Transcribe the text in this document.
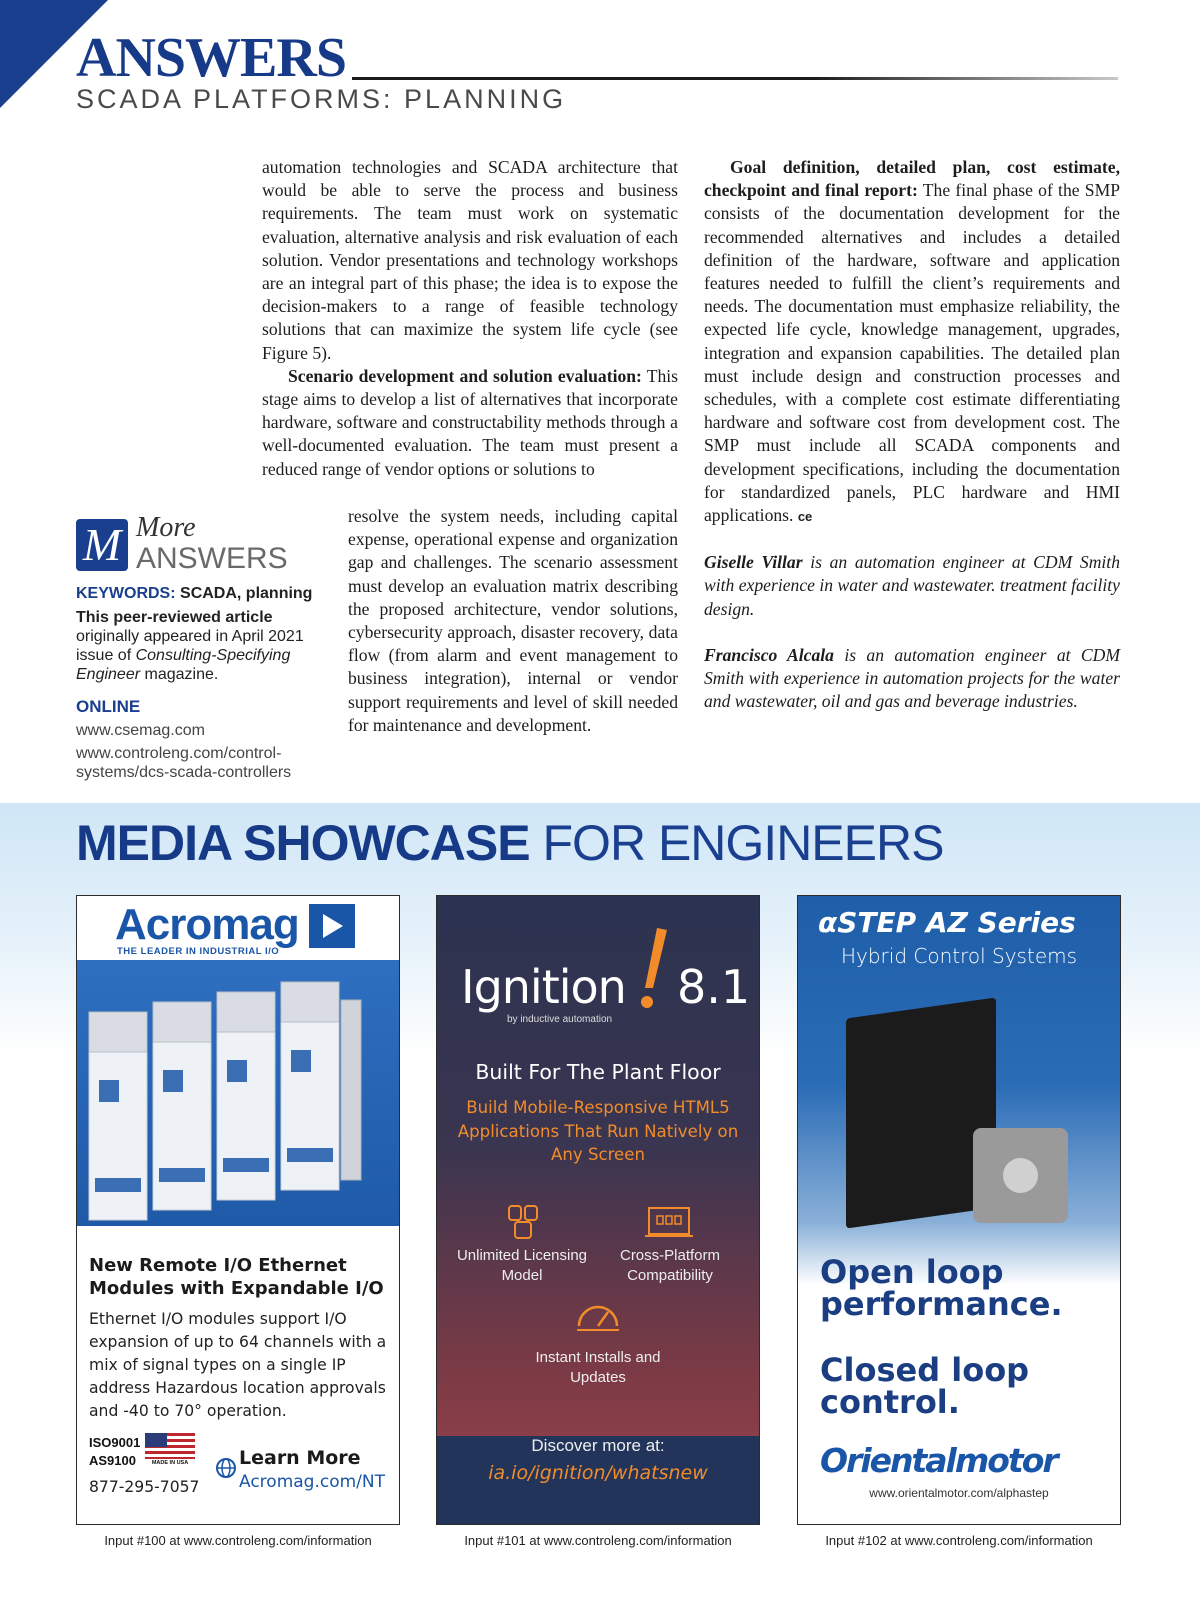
ANSWERS
SCADA PLATFORMS: PLANNING

automation technologies and SCADA architecture that would be able to serve the process and business requirements. The team must work on systematic evaluation, alternative analysis and risk evaluation of each solution. Vendor presentations and technology workshops are an integral part of this phase; the idea is to expose the decision-makers to a range of feasible technology solutions that can maximize the system life cycle (see Figure 5).

Scenario development and solution evaluation: This stage aims to develop a list of alternatives that incorporate hardware, software and constructability methods through a well-documented evaluation. The team must present a reduced range of vendor options or solutions to

resolve the system needs, including capital expense, operational expense and organization gap and challenges. The scenario assessment must develop an evaluation matrix describing the proposed architecture, vendor solutions, cybersecurity approach, disaster recovery, data flow (from alarm and event management to business integration), internal or vendor support requirements and level of skill needed for maintenance and development.

Goal definition, detailed plan, cost estimate, checkpoint and final report: The final phase of the SMP consists of the documentation development for the recommended alternatives and includes a detailed definition of the hardware, software and application features needed to fulfill the client’s requirements and needs. The documentation must emphasize reliability, the expected life cycle, knowledge management, upgrades, integration and expansion capabilities. The detailed plan must include design and construction processes and schedules, with a complete cost estimate differentiating hardware and software cost from development cost. The SMP must include all SCADA components and development specifications, including the documentation for standardized panels, PLC hardware and HMI applications. ce

Giselle Villar is an automation engineer at CDM Smith with experience in water and wastewater. treatment facility design.

Francisco Alcala is an automation engineer at CDM Smith with experience in automation projects for the water and wastewater, oil and gas and beverage industries.

M More
ANSWERS
KEYWORDS: SCADA, planning
This peer-reviewed article
originally appeared in April 2021 issue of Consulting-Specifying Engineer magazine.
ONLINE
www.csemag.com
www.controleng.com/control-systems/dcs-scada-controllers
MEDIA SHOWCASE FOR ENGINEERS
Acromag
THE LEADER IN INDUSTRIAL I/O
New Remote I/O Ethernet Modules with Expandable I/O
Ethernet I/O modules support I/O expansion of up to 64 channels with a mix of signal types on a single IP address Hazardous location approvals and -40 to 70° operation.
ISO9001
AS9100	MADE IN USA
877-295-7057
Learn More
Acromag.com/NT
Input #100 at www.controleng.com/information
Ignition 8.1
by inductive automation
Built For The Plant Floor
Build Mobile-Responsive HTML5 Applications That Run Natively on Any Screen
Unlimited Licensing Model
Cross-Platform Compatibility
Instant Installs and Updates
Discover more at:
ia.io/ignition/whatsnew
Input #101 at www.controleng.com/information
αSTEP AZ Series
Hybrid Control Systems
Open loop
performance.
Closed loop
control.
Orientalmotor
www.orientalmotor.com/alphastep
Input #102 at www.controleng.com/information
